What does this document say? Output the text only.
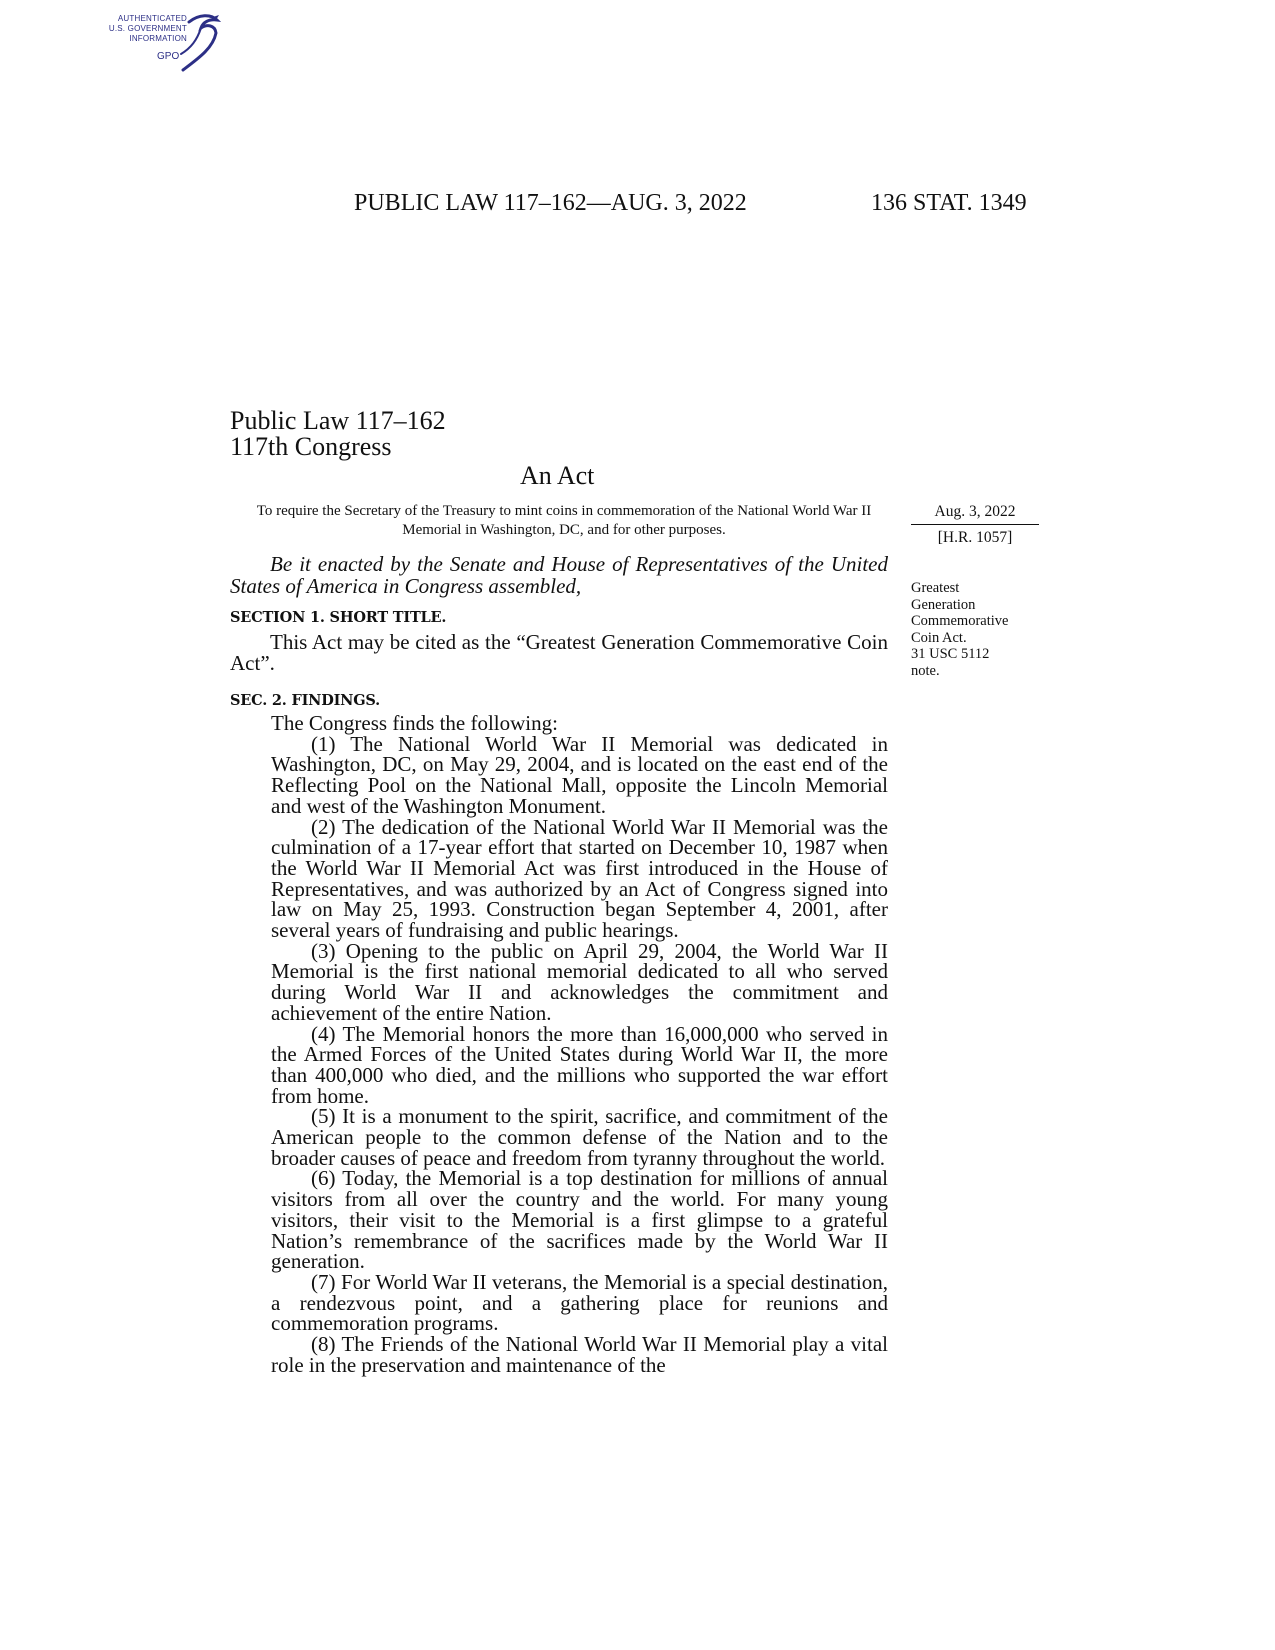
AUTHENTICATED
U.S. GOVERNMENT
INFORMATION
GPO
PUBLIC LAW 117–162—AUG. 3, 2022	136 STAT. 1349
Public Law 117–162
117th Congress
An Act
To require the Secretary of the Treasury to mint coins in commemoration of the National World War II Memorial in Washington, DC, and for other purposes.
Aug. 3, 2022
[H.R. 1057]
Greatest
Generation
Commemorative
Coin Act.
31 USC 5112
note.
Be it enacted by the Senate and House of Representatives of the United States of America in Congress assembled,
SECTION 1. SHORT TITLE.
This Act may be cited as the “Greatest Generation Commemorative Coin Act”.
SEC. 2. FINDINGS.

The Congress finds the following:

(1) The National World War II Memorial was dedicated in Washington, DC, on May 29, 2004, and is located on the east end of the Reflecting Pool on the National Mall, opposite the Lincoln Memorial and west of the Washington Monument.
(2) The dedication of the National World War II Memorial was the culmination of a 17-year effort that started on December 10, 1987 when the World War II Memorial Act was first introduced in the House of Representatives, and was authorized by an Act of Congress signed into law on May 25, 1993. Construction began September 4, 2001, after several years of fundraising and public hearings.
(3) Opening to the public on April 29, 2004, the World War II Memorial is the first national memorial dedicated to all who served during World War II and acknowledges the commitment and achievement of the entire Nation.
(4) The Memorial honors the more than 16,000,000 who served in the Armed Forces of the United States during World War II, the more than 400,000 who died, and the millions who supported the war effort from home.
(5) It is a monument to the spirit, sacrifice, and commitment of the American people to the common defense of the Nation and to the broader causes of peace and freedom from tyranny throughout the world.
(6) Today, the Memorial is a top destination for millions of annual visitors from all over the country and the world. For many young visitors, their visit to the Memorial is a first glimpse to a grateful Nation’s remembrance of the sacrifices made by the World War II generation.
(7) For World War II veterans, the Memorial is a special destination, a rendezvous point, and a gathering place for reunions and commemoration programs.
(8) The Friends of the National World War II Memorial play a vital role in the preservation and maintenance of the
